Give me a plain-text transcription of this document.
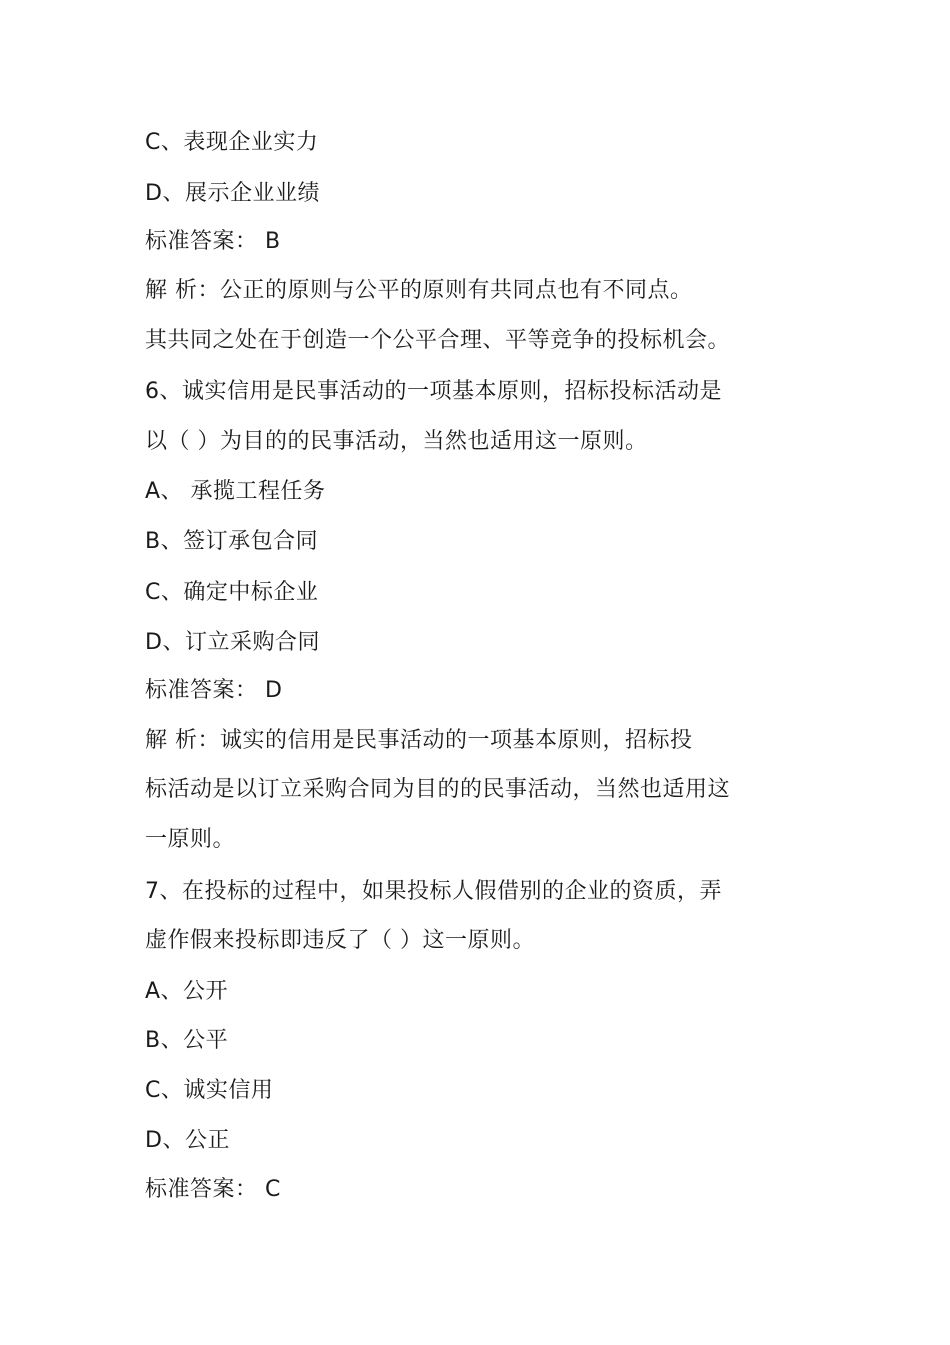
C、表现企业实力
D、展示企业业绩
标准答案： B
解 析：公正的原则与公平的原则有共同点也有不同点。
其共同之处在于创造一个公平合理、平等竞争的投标机会。
6、诚实信用是民事活动的一项基本原则，招标投标活动是
以（ ）为目的的民事活动，当然也适用这一原则。
A、 承揽工程任务
B、签订承包合同
C、确定中标企业
D、订立采购合同
标准答案： D
解 析：诚实的信用是民事活动的一项基本原则，招标投
标活动是以订立采购合同为目的的民事活动，当然也适用这
一原则。
7、在投标的过程中，如果投标人假借别的企业的资质，弄
虚作假来投标即违反了（ ）这一原则。
A、公开
B、公平
C、诚实信用
D、公正
标准答案： C
